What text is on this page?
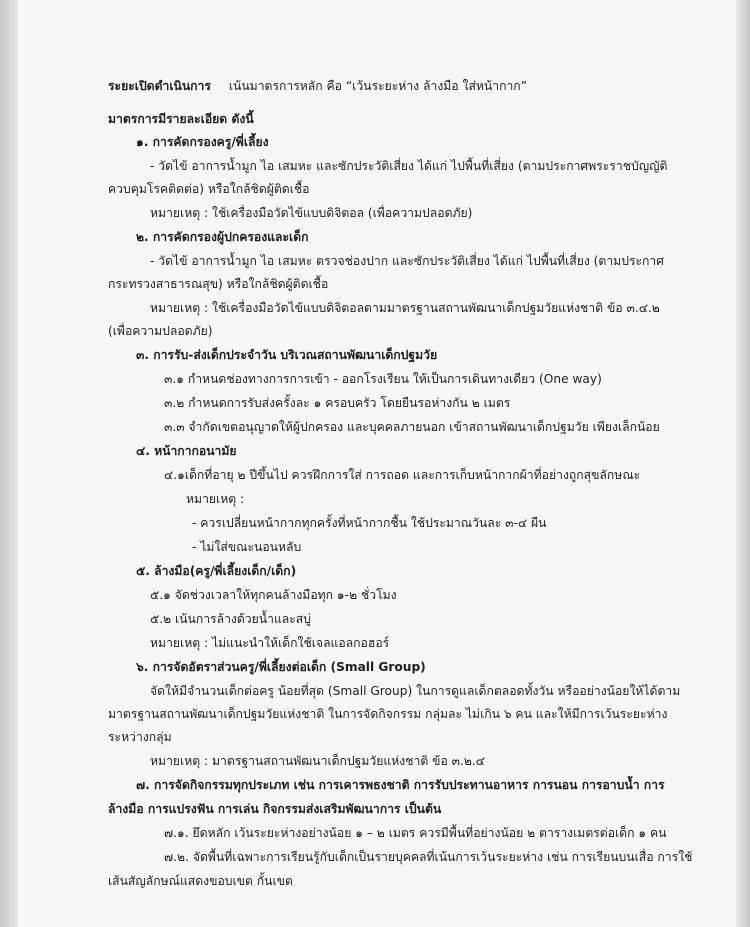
ระยะเปิดดำเนินการ เน้นมาตรการหลัก คือ “เว้นระยะห่าง ล้างมือ ใส่หน้ากาก”
มาตรการมีรายละเอียด ดังนี้
๑. การคัดกรองครู/พี่เลี้ยง
- วัดไข้ อาการน้ำมูก ไอ เสมหะ และซักประวัติเสี่ยง ได้แก่ ไปพื้นที่เสี่ยง (ตามประกาศพระราชบัญญัติ
ควบคุมโรคติดต่อ) หรือใกล้ชิดผู้ติดเชื้อ
หมายเหตุ : ใช้เครื่องมือวัดไข้แบบดิจิตอล (เพื่อความปลอดภัย)
๒. การคัดกรองผู้ปกครองและเด็ก
- วัดไข้ อาการน้ำมูก ไอ เสมหะ ตรวจช่องปาก และซักประวัติเสี่ยง ได้แก่ ไปพื้นที่เสี่ยง (ตามประกาศ
กระทรวงสาธารณสุข) หรือใกล้ชิดผู้ติดเชื้อ
หมายเหตุ : ใช้เครื่องมือวัดไข้แบบดิจิตอลตามมาตรฐานสถานพัฒนาเด็กปฐมวัยแห่งชาติ ข้อ ๓.๔.๒
(เพื่อความปลอดภัย)
๓. การรับ-ส่งเด็กประจำวัน บริเวณสถานพัฒนาเด็กปฐมวัย
๓.๑ กำหนดช่องทางการการเข้า - ออกโรงเรียน ให้เป็นการเดินทางเดียว (One way)
๓.๒ กำหนดการรับส่งครั้งละ ๑ ครอบครัว โดยยืนรอห่างกัน ๒ เมตร
๓.๓ จำกัดเขตอนุญาตให้ผู้ปกครอง และบุคคลภายนอก เข้าสถานพัฒนาเด็กปฐมวัย เพียงเล็กน้อย
๔. หน้ากากอนามัย
๔.๑เด็กที่อายุ ๒ ปีขึ้นไป ควรฝึกการใส่ การถอด และการเก็บหน้ากากผ้าที่อย่างถูกสุขลักษณะ
หมายเหตุ :
- ควรเปลี่ยนหน้ากากทุกครั้งที่หน้ากากชื้น ใช้ประมาณวันละ ๓-๔ ผืน
- ไม่ใส่ขณะนอนหลับ
๕. ล้างมือ(ครู/พี่เลี้ยงเด็ก/เด็ก)
๕.๑ จัดช่วงเวลาให้ทุกคนล้างมือทุก ๑-๒ ชั่วโมง
๕.๒ เน้นการล้างด้วยน้ำและสบู่
หมายเหตุ : ไม่แนะนำให้เด็กใช้เจลแอลกอฮอร์
๖. การจัดอัตราส่วนครู/พี่เลี้ยงต่อเด็ก (Small Group)
จัดให้มีจำนวนเด็กต่อครู น้อยที่สุด (Small Group) ในการดูแลเด็กตลอดทั้งวัน หรืออย่างน้อยให้ได้ตาม
มาตรฐานสถานพัฒนาเด็กปฐมวัยแห่งชาติ ในการจัดกิจกรรม กลุ่มละ ไม่เกิน ๖ คน และให้มีการเว้นระยะห่าง
ระหว่างกลุ่ม
หมายเหตุ : มาตรฐานสถานพัฒนาเด็กปฐมวัยแห่งชาติ ข้อ ๓.๒.๔
๗. การจัดกิจกรรมทุกประเภท เช่น การเคารพธงชาติ การรับประทานอาหาร การนอน การอาบน้ำ การ
ล้างมือ การแปรงฟัน การเล่น กิจกรรมส่งเสริมพัฒนาการ เป็นต้น
๗.๑. ยึดหลัก เว้นระยะห่างอย่างน้อย ๑ – ๒ เมตร ควรมีพื้นที่อย่างน้อย ๒ ตารางเมตรต่อเด็ก ๑ คน
๗.๒. จัดพื้นที่เฉพาะการเรียนรู้กับเด็กเป็นรายบุคคลที่เน้นการเว้นระยะห่าง เช่น การเรียนบนเสื่อ การใช้
เส้นสัญลักษณ์แสดงขอบเขต กั้นเขต
